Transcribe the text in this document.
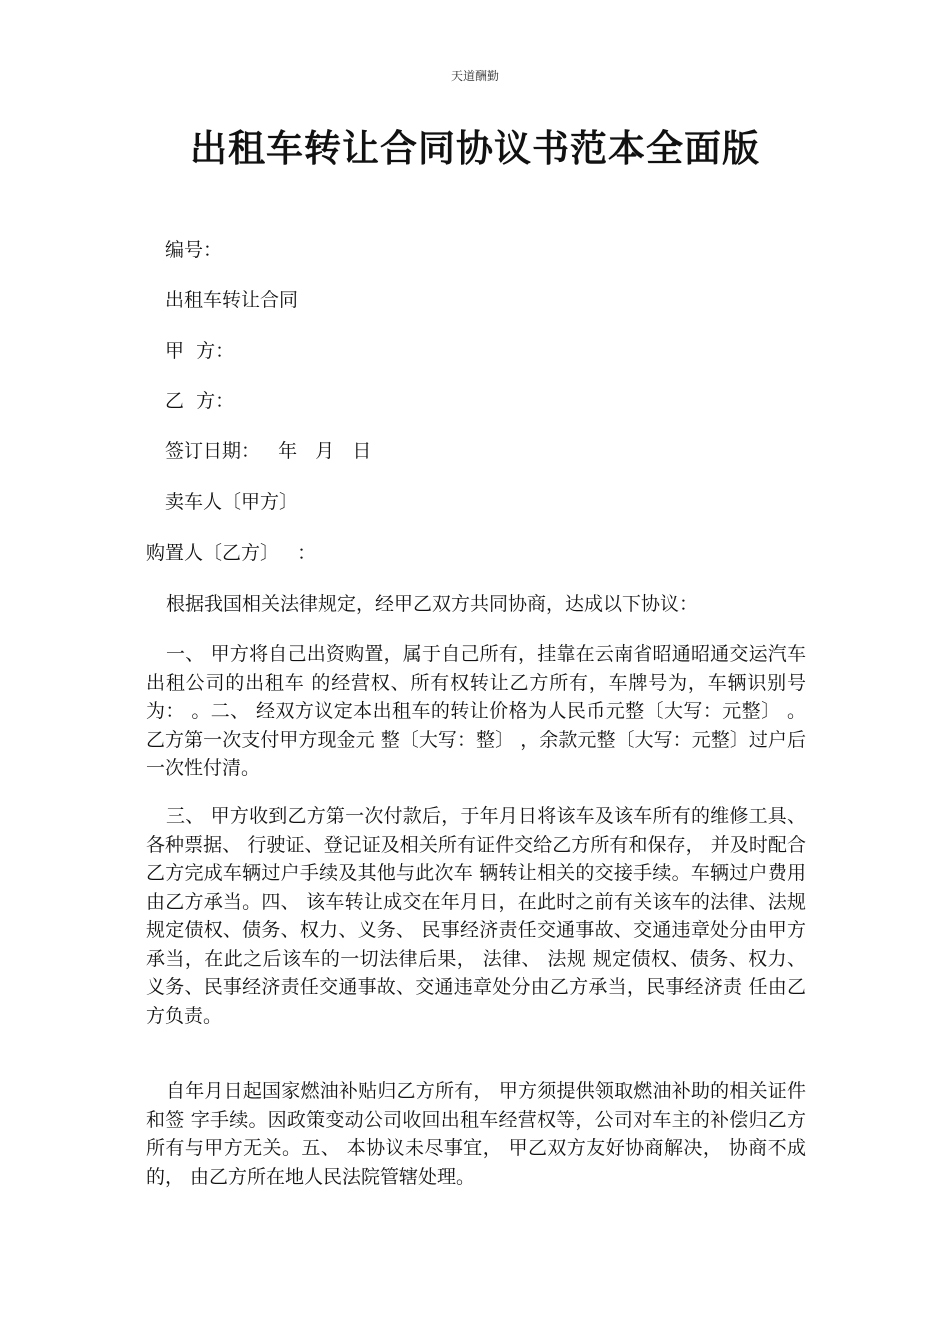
天道酬勤
出租车转让合同协议书范本全面版
编号：
出租车转让合同
甲  方：
乙  方：
签订日期：   年   月   日
卖车人〔甲方〕
购置人〔乙方〕   ：

根据我国相关法律规定，经甲乙双方共同协商，达成以下协议：

一、 甲方将自己出资购置，属于自己所有，挂靠在云南省昭通昭通交运汽车出租公司的出租车 的经营权、所有权转让乙方所有，车牌号为，车辆识别号为： 。二、 经双方议定本出租车的转让价格为人民币元整〔大写：元整〕 。乙方第一次支付甲方现金元 整〔大写：整〕 ，余款元整〔大写：元整〕过户后一次性付清。

三、 甲方收到乙方第一次付款后，于年月日将该车及该车所有的维修工具、 各种票据、 行驶证、登记证及相关所有证件交给乙方所有和保存， 并及时配合乙方完成车辆过户手续及其他与此次车 辆转让相关的交接手续。车辆过户费用由乙方承当。四、 该车转让成交在年月日，在此时之前有关该车的法律、法规规定债权、债务、权力、义务、 民事经济责任交通事故、交通违章处分由甲方承当，在此之后该车的一切法律后果， 法律、 法规 规定债权、债务、权力、义务、民事经济责任交通事故、交通违章处分由乙方承当，民事经济责 任由乙方负责。

自年月日起国家燃油补贴归乙方所有， 甲方须提供领取燃油补助的相关证件和签 字手续。因政策变动公司收回出租车经营权等，公司对车主的补偿归乙方所有与甲方无关。五、 本协议未尽事宜， 甲乙双方友好协商解决， 协商不成的， 由乙方所在地人民法院管辖处理。
